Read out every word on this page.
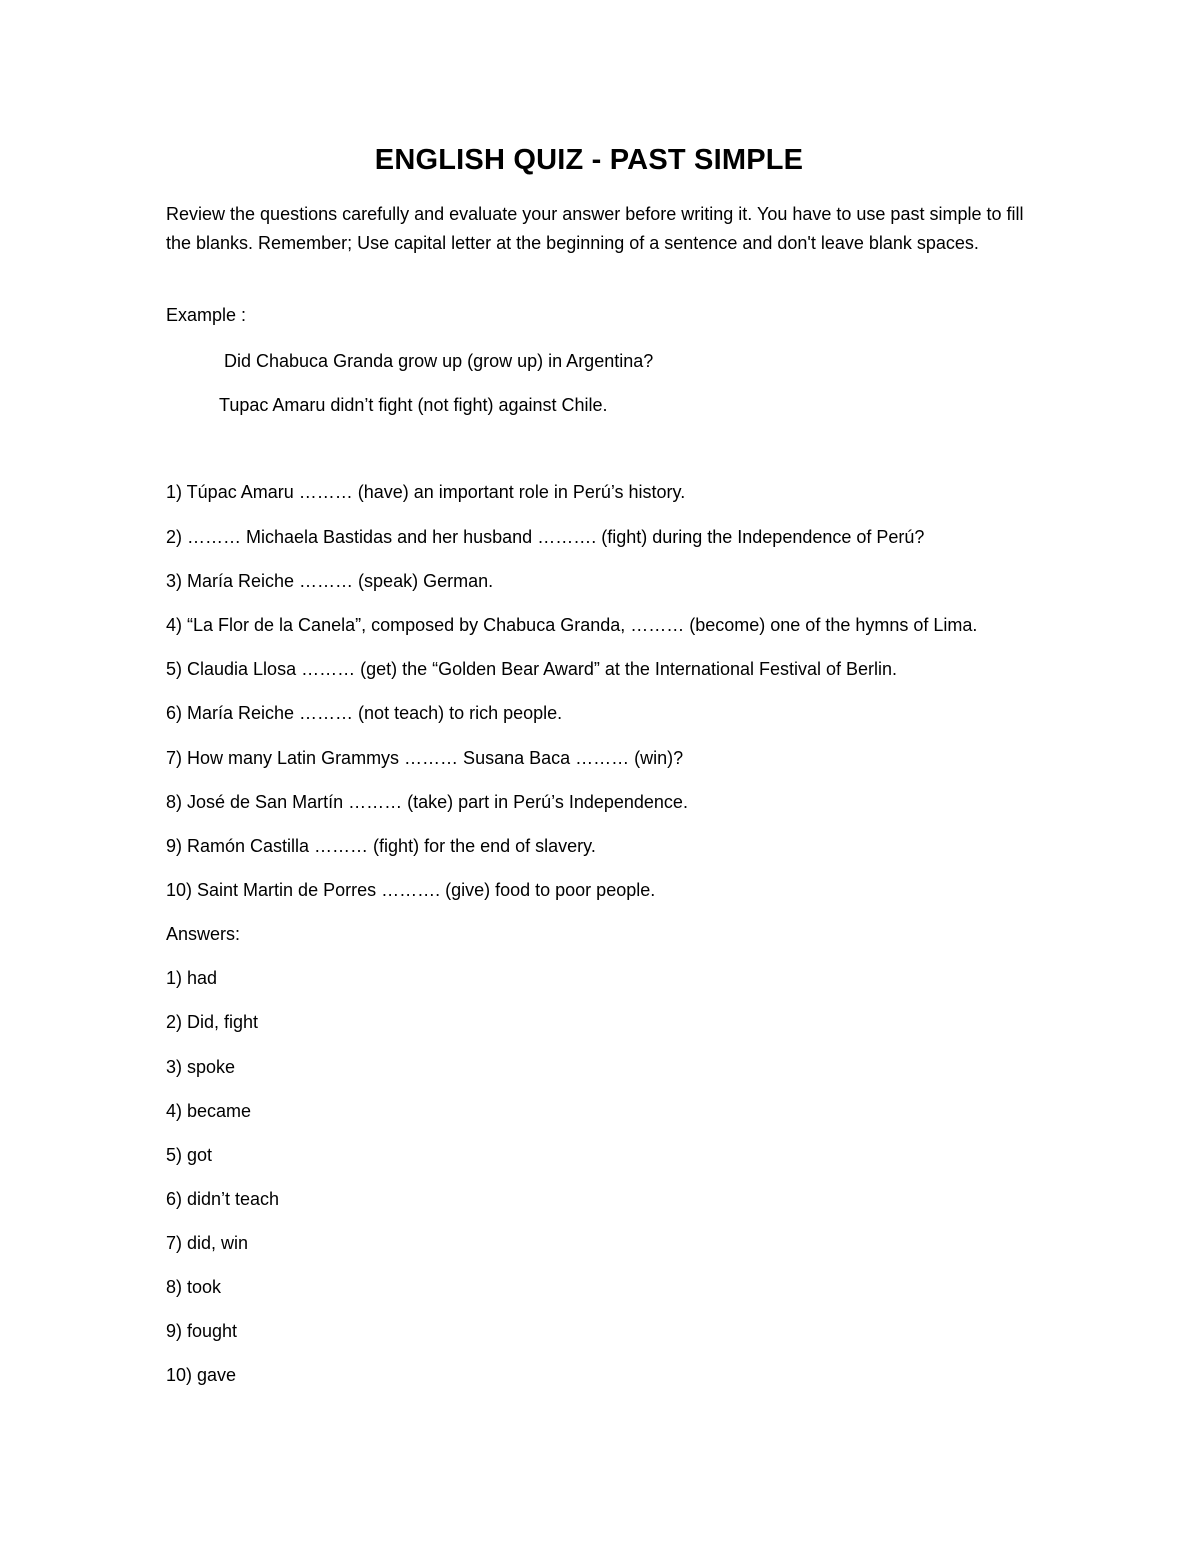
ENGLISH QUIZ - PAST SIMPLE

Review the questions carefully and evaluate your answer before writing it. You have to use past simple to fill the blanks. Remember; Use capital letter at the beginning of a sentence and don't leave blank spaces.

Example :
Did Chabuca Granda grow up (grow up) in Argentina?
Tupac Amaru didn’t fight (not fight) against Chile.
1) Túpac Amaru ……… (have) an important role in Perú’s history.
2) ……… Michaela Bastidas and her husband ………. (fight) during the Independence of Perú?
3) María Reiche ……… (speak) German.
4) “La Flor de la Canela”, composed by Chabuca Granda, ……… (become) one of the hymns of Lima.
5) Claudia Llosa ……… (get) the “Golden Bear Award” at the International Festival of Berlin.
6) María Reiche ……… (not teach) to rich people.
7) How many Latin Grammys ……… Susana Baca ……… (win)?
8) José de San Martín ……… (take) part in Perú’s Independence.
9) Ramón Castilla ……… (fight) for the end of slavery.
10) Saint Martin de Porres ………. (give) food to poor people.
Answers:
1) had
2) Did, fight
3) spoke
4) became
5) got
6) didn’t teach
7) did, win
8) took
9) fought
10) gave
